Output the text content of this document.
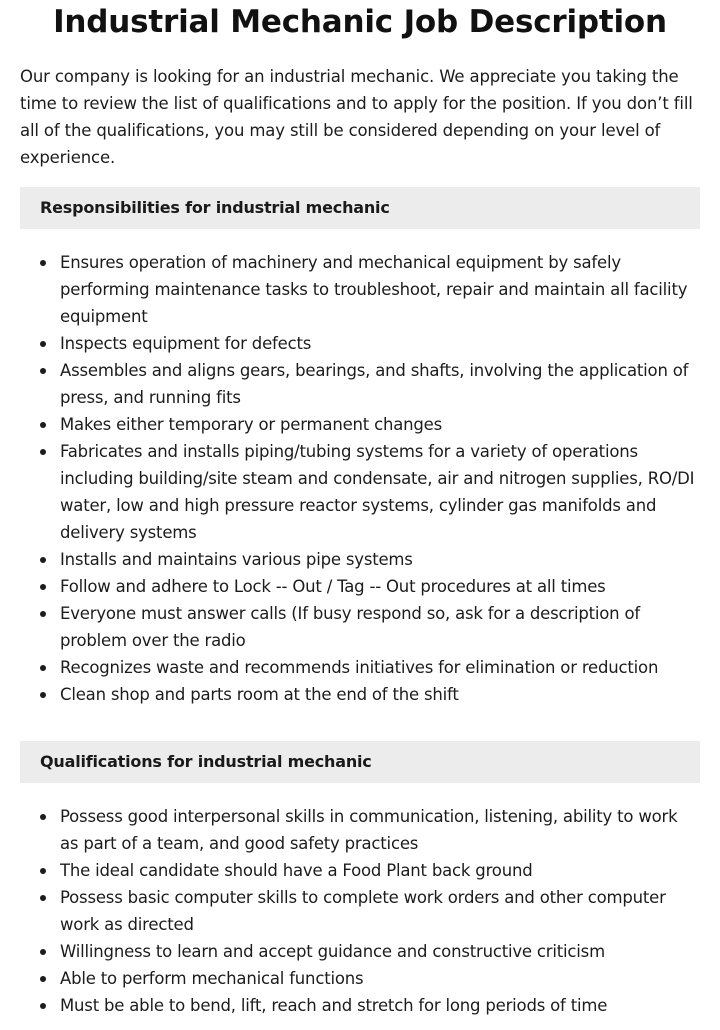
Industrial Mechanic Job Description

Our company is looking for an industrial mechanic. We appreciate you taking the time to review the list of qualifications and to apply for the position. If you don’t fill all of the qualifications, you may still be considered depending on your level of experience.

Responsibilities for industrial mechanic
Ensures operation of machinery and mechanical equipment by safely performing maintenance tasks to troubleshoot, repair and maintain all facility equipment
Inspects equipment for defects
Assembles and aligns gears, bearings, and shafts, involving the application of press, and running fits
Makes either temporary or permanent changes
Fabricates and installs piping/tubing systems for a variety of operations including building/site steam and condensate, air and nitrogen supplies, RO/DI water, low and high pressure reactor systems, cylinder gas manifolds and delivery systems
Installs and maintains various pipe systems
Follow and adhere to Lock -- Out / Tag -- Out procedures at all times
Everyone must answer calls (If busy respond so, ask for a description of problem over the radio
Recognizes waste and recommends initiatives for elimination or reduction
Clean shop and parts room at the end of the shift
Qualifications for industrial mechanic
Possess good interpersonal skills in communication, listening, ability to work as part of a team, and good safety practices
The ideal candidate should have a Food Plant back ground
Possess basic computer skills to complete work orders and other computer work as directed
Willingness to learn and accept guidance and constructive criticism
Able to perform mechanical functions
Must be able to bend, lift, reach and stretch for long periods of time
